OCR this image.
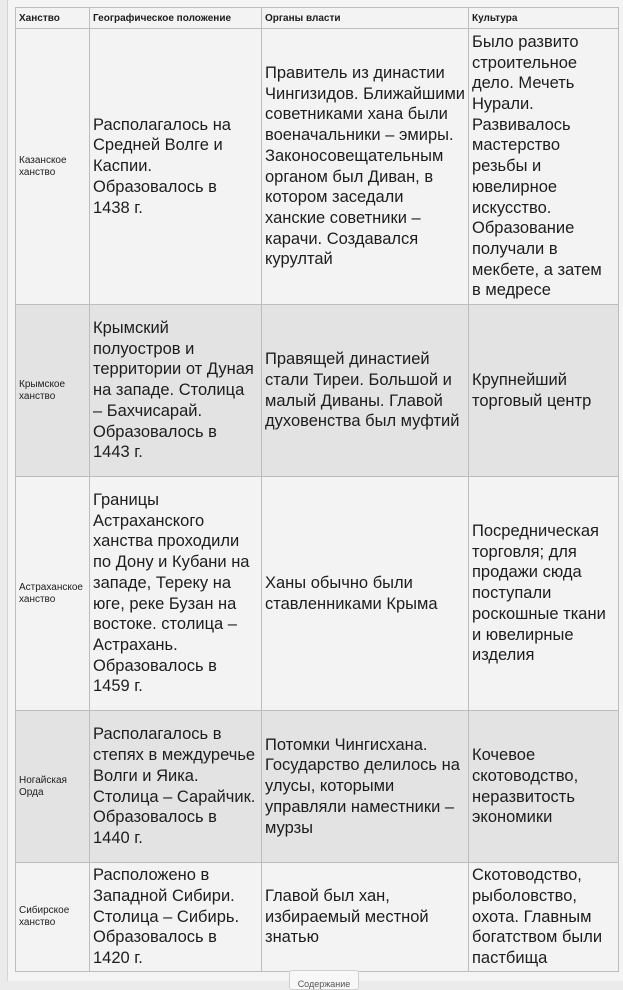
Ханство	Географическое положение	Органы власти	Культура
Казанское ханство	Располагалось на Средней Волге и Каспии. Образовалось в 1438 г.	Правитель из династии Чингизидов. Ближайшими советниками хана были военачальники – эмиры. Законосовещательным органом был Диван, в котором заседали ханские советники – карачи. Создавался курултай	Было развито строительное дело. Мечеть Нурали. Развивалось мастерство резьбы и ювелирное искусство. Образование получали в мекбете, а затем в медресе
Крымское ханство	Крымский полуостров и территории от Дуная на западе. Столица – Бахчисарай. Образовалось в 1443 г.	Правящей династией стали Тиреи. Большой и малый Диваны. Главой духовенства был муфтий	Крупнейший торговый центр
Астраханское ханство	Границы Астраханского ханства проходили по Дону и Кубани на западе, Тереку на юге, реке Бузан на востоке. столица – Астрахань. Образовалось в 1459 г.	Ханы обычно были ставленниками Крыма	Посредническая торговля; для продажи сюда поступали роскошные ткани и ювелирные изделия
Ногайская Орда	Располагалось в степях в междуречье Волги и Яика. Столица – Сарайчик. Образовалось в 1440 г.	Потомки Чингисхана. Государство делилось на улусы, которыми управляли наместники – мурзы	Кочевое скотоводство, неразвитость экономики
Сибирское ханство	Расположено в Западной Сибири. Столица – Сибирь. Образовалось в 1420 г.	Главой был хан, избираемый местной знатью	Скотоводство, рыболовство, охота. Главным богатством были пастбища
Содержание
